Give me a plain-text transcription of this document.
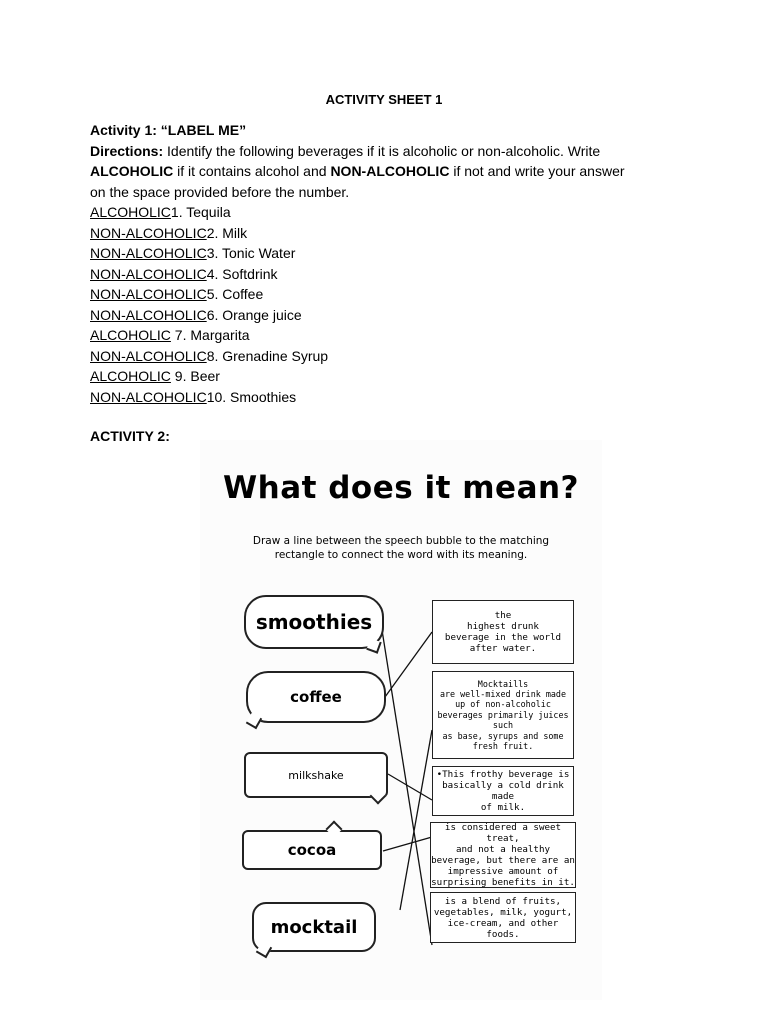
ACTIVITY SHEET 1
Activity 1: “LABEL ME”
Directions: Identify the following beverages if it is alcoholic or non-alcoholic. Write
ALCOHOLIC if it contains alcohol and NON-ALCOHOLIC if not and write your answer
on the space provided before the number.
ALCOHOLIC1. Tequila
NON-ALCOHOLIC2. Milk
NON-ALCOHOLIC3. Tonic Water
NON-ALCOHOLIC4. Softdrink
NON-ALCOHOLIC5. Coffee
NON-ALCOHOLIC6. Orange juice
ALCOHOLIC 7. Margarita
NON-ALCOHOLIC8. Grenadine Syrup
ALCOHOLIC 9. Beer
NON-ALCOHOLIC10. Smoothies
ACTIVITY 2:
What does it mean?
Draw a line between the speech bubble to the matching rectangle to connect the word with its meaning.
smoothies
coffee
milkshake
cocoa
mocktail
the
highest drunk
beverage in the world
after water.
Mocktaills
are well-mixed drink made
up of non-alcoholic
beverages primarily juices
such
as base, syrups and some
fresh fruit.
•This frothy beverage is
basically a cold drink made
of milk.
is considered a sweet treat,
and not a healthy
beverage, but there are an
impressive amount of
surprising benefits in it.
is a blend of fruits,
vegetables, milk, yogurt,
ice-cream, and other
foods.
